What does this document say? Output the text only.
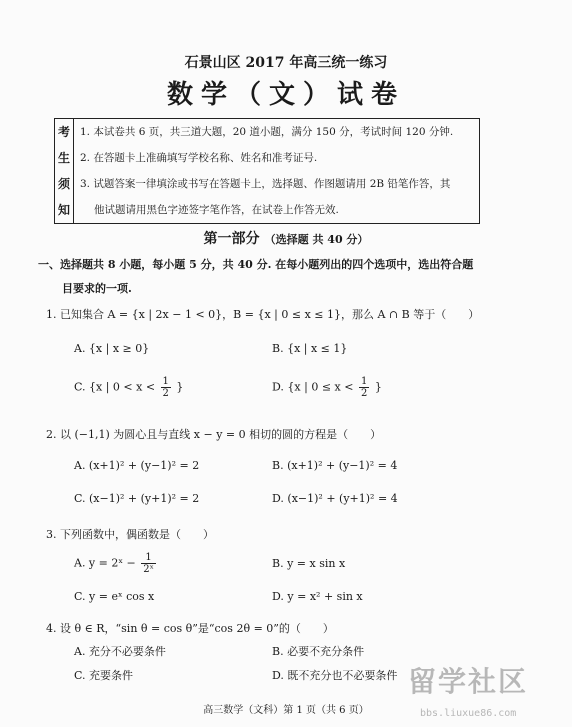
石景山区 2017 年高三统一练习
数学（文）试卷
考
生
须
知

1. 本试卷共 6 页，共三道大题，20 道小题，满分 150 分，考试时间 120 分钟.
2. 在答题卡上准确填写学校名称、姓名和准考证号.
3. 试题答案一律填涂或书写在答题卡上，选择题、作图题请用 2B 铅笔作答，其
他试题请用黑色字迹签字笔作答，在试卷上作答无效.
第一部分 （选择题 共 40 分）
一、选择题共 8 小题，每小题 5 分，共 40 分. 在每小题列出的四个选项中，选出符合题
目要求的一项.
1. 已知集合 A = {x | 2x − 1 < 0}，B = {x | 0 ≤ x ≤ 1}，那么 A ∩ B 等于（　　）
A. {x | x ≥ 0}	B. {x | x ≤ 1}
C. {x | $0 < x < \frac{1}{2}$ }	D. {x | $0 \le x < \frac{1}{2}$ }
2. 以 (−1,1) 为圆心且与直线 x − y = 0 相切的圆的方程是（　　）
A. (x+1)² + (y−1)² = 2	B. (x+1)² + (y−1)² = 4
C. (x−1)² + (y+1)² = 2	D. (x−1)² + (y+1)² = 4
3. 下列函数中，偶函数是（　　）
A. y = 2ˣ − $\frac{1}{\text{2ˣ}}$	B. y = x sin x
C. y = eˣ cos x	D. y = x² + sin x
4. 设 θ ∈ R，“sin θ = cos θ”是“cos 2θ = 0”的（　　）
A. 充分不必要条件	B. 必要不充分条件
C. 充要条件	D. 既不充分也不必要条件
高三数学（文科）第 1 页（共 6 页）
留学社区
bbs.liuxue86.com
